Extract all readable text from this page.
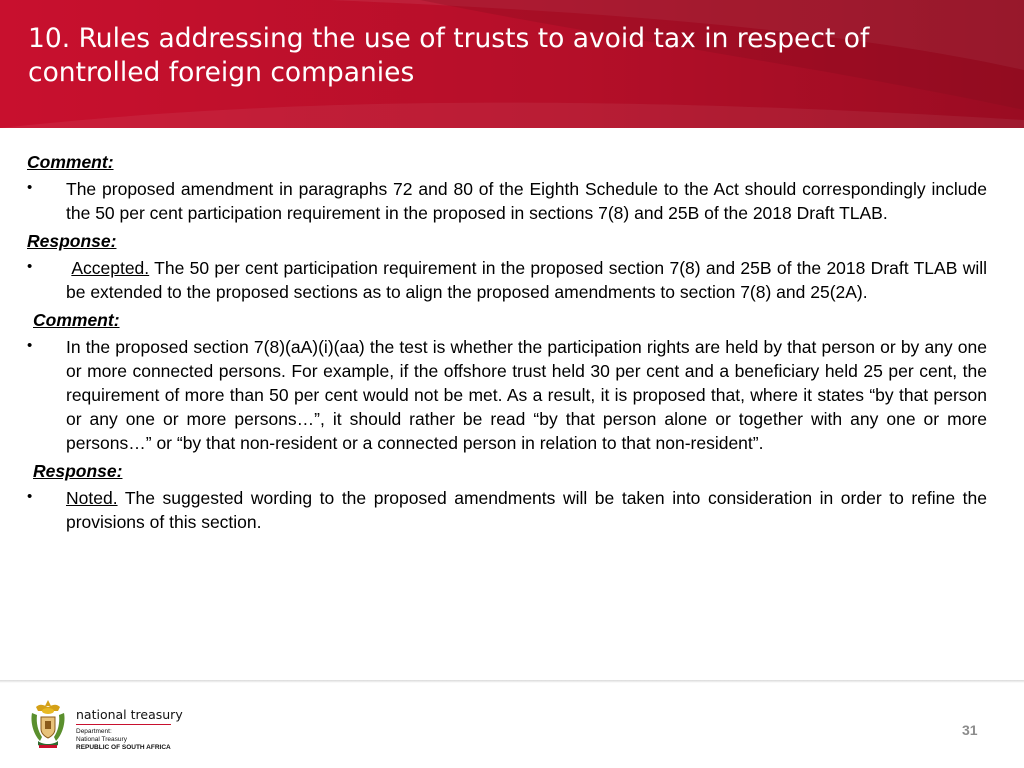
10. Rules addressing the use of trusts to avoid tax in respect of controlled foreign companies

Comment:

• The proposed amendment in paragraphs 72 and 80 of the Eighth Schedule to the Act should correspondingly include the 50 per cent participation requirement in the proposed in sections 7(8) and 25B of the 2018 Draft TLAB.

Response:

• Accepted. The 50 per cent participation requirement in the proposed section 7(8) and 25B of the 2018 Draft TLAB will be extended to the proposed sections as to align the proposed amendments to section 7(8) and 25(2A).

Comment:

• In the proposed section 7(8)(aA)(i)(aa) the test is whether the participation rights are held by that person or by any one or more connected persons. For example, if the offshore trust held 30 per cent and a beneficiary held 25 per cent, the requirement of more than 50 per cent would not be met. As a result, it is proposed that, where it states “by that person or any one or more persons…”, it should rather be read “by that person alone or together with any one or more persons…” or “by that non-resident or a connected person in relation to that non-resident”.

Response:

• Noted. The suggested wording to the proposed amendments will be taken into consideration in order to refine the provisions of this section.

national treasury
Department:
National Treasury
REPUBLIC OF SOUTH AFRICA
31
